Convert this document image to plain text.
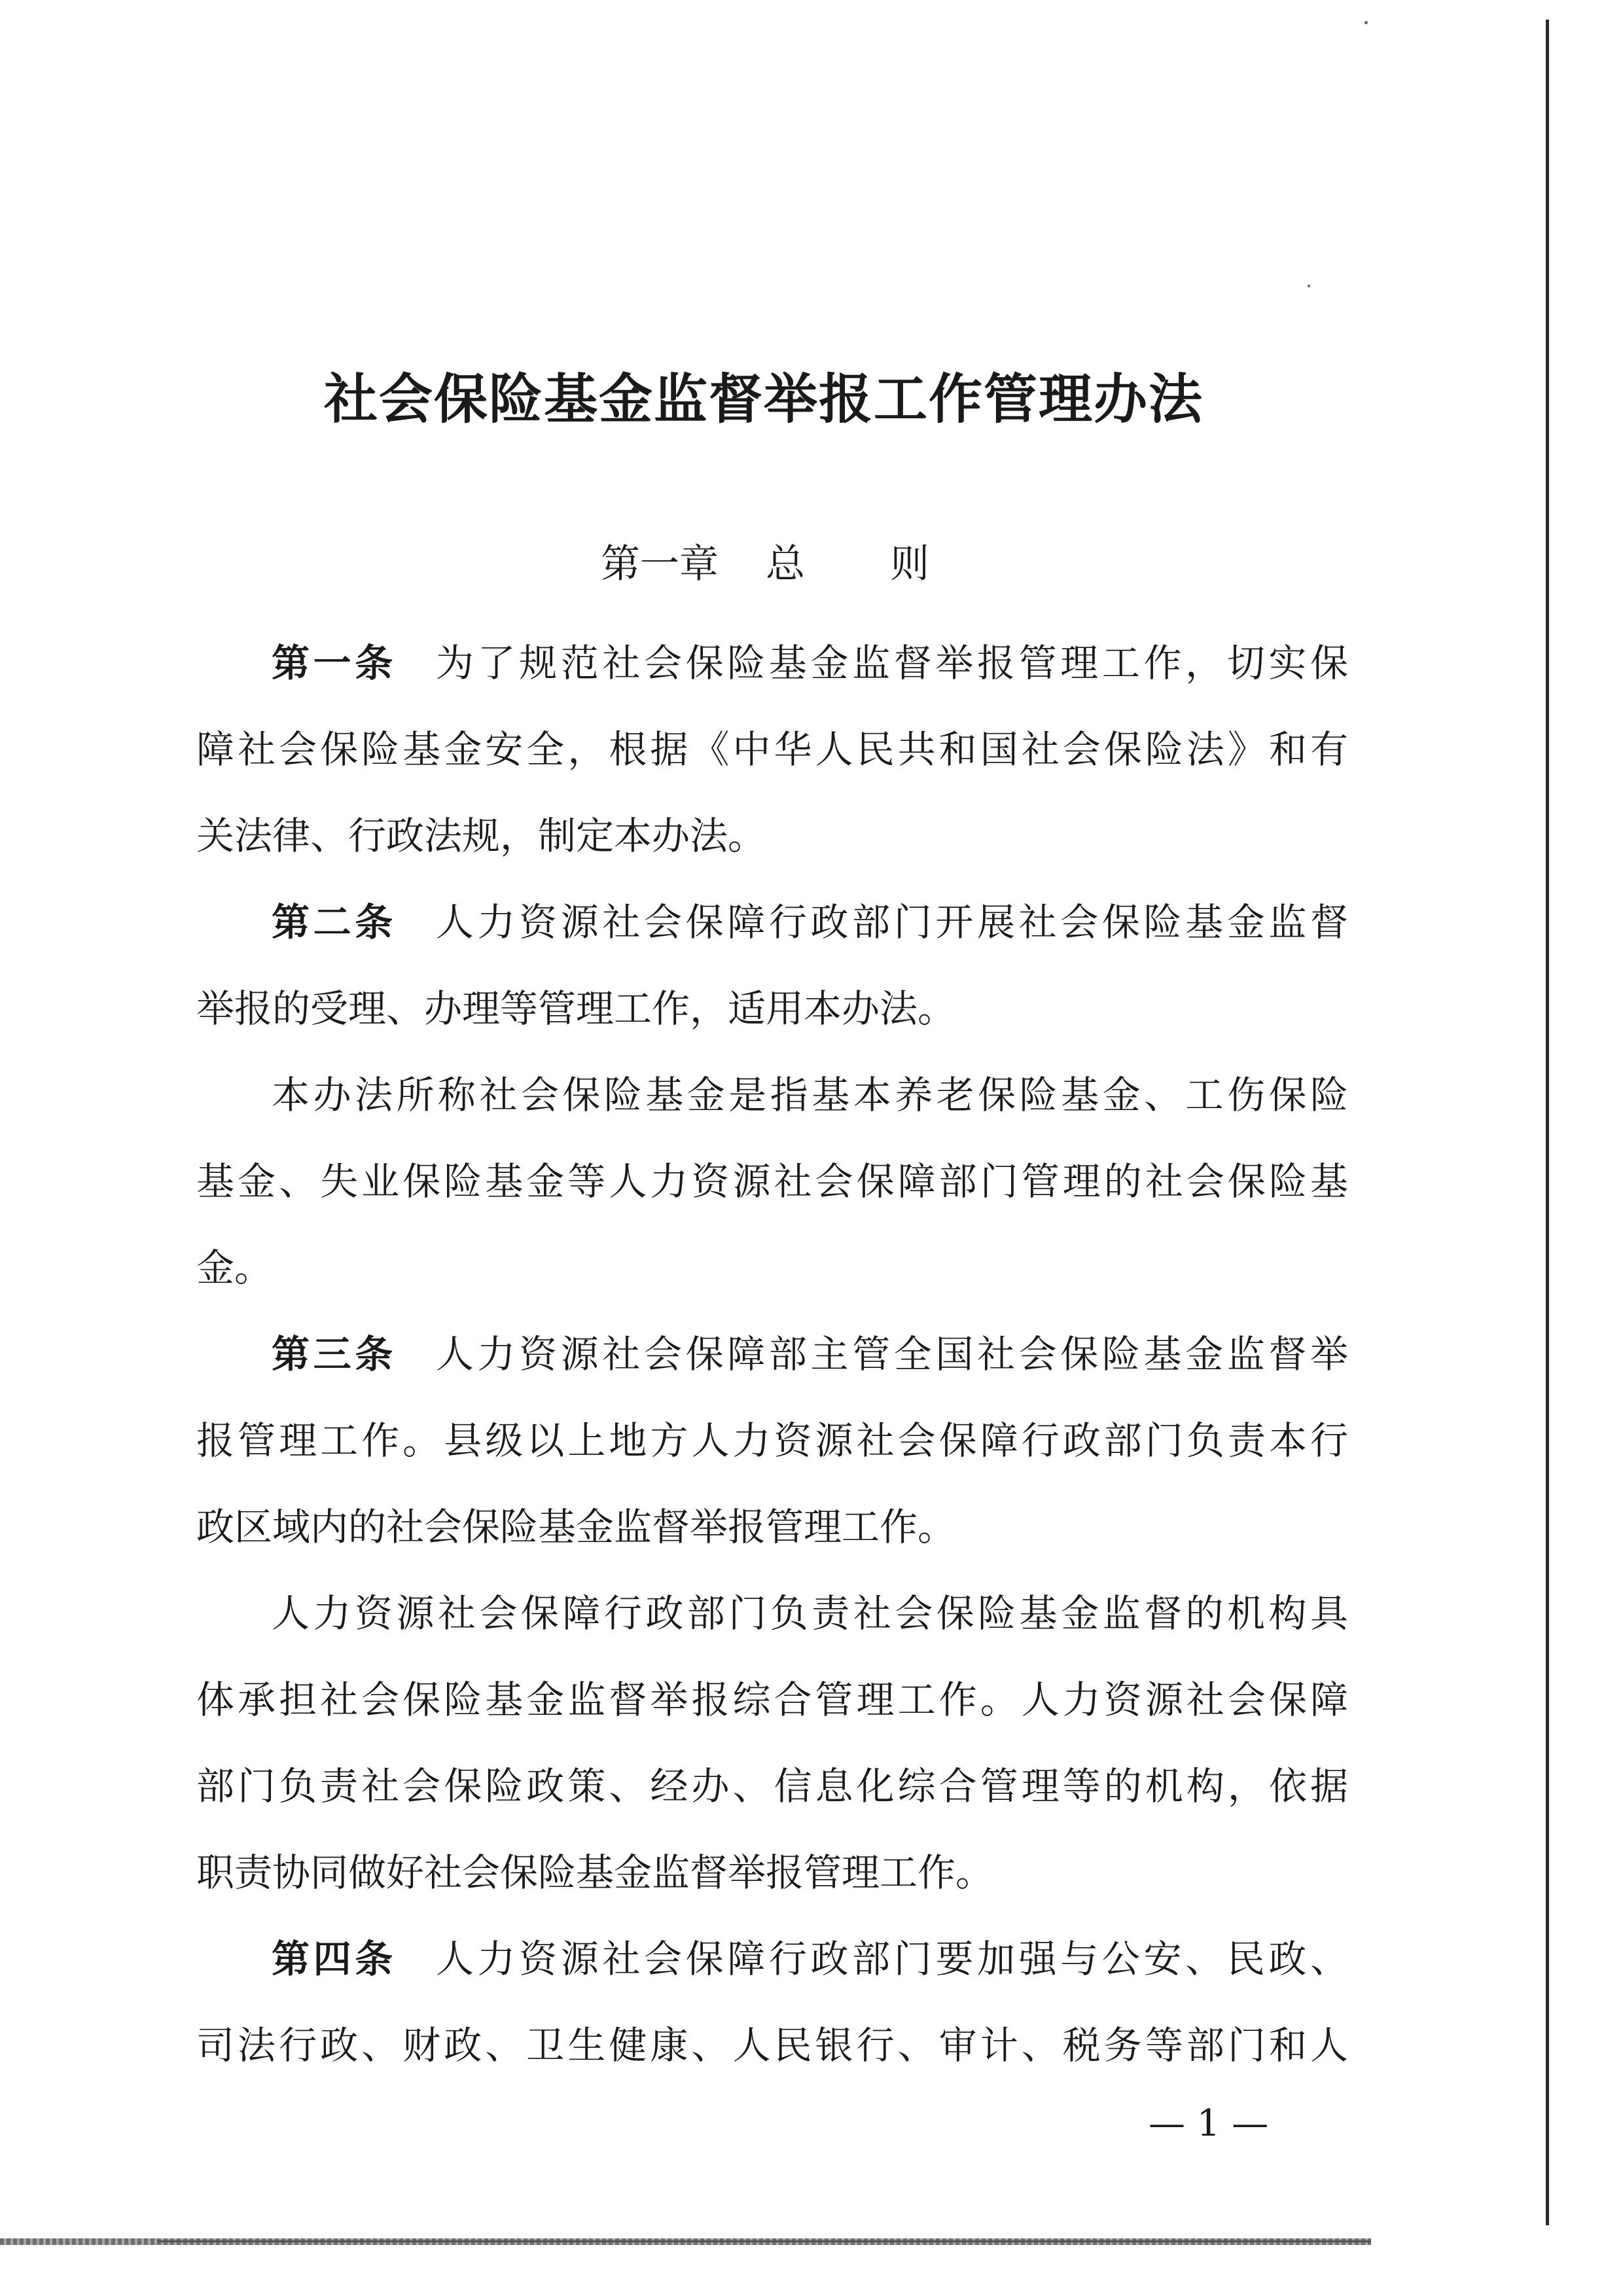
社会保险基金监督举报工作管理办法
第一章 总 则
第一条 为了规范社会保险基金监督举报管理工作，切实保
障社会保险基金安全，根据《中华人民共和国社会保险法》和有
关法律、行政法规，制定本办法。
第二条 人力资源社会保障行政部门开展社会保险基金监督
举报的受理、办理等管理工作，适用本办法。
本办法所称社会保险基金是指基本养老保险基金、工伤保险
基金、失业保险基金等人力资源社会保障部门管理的社会保险基
金。
第三条 人力资源社会保障部主管全国社会保险基金监督举
报管理工作。县级以上地方人力资源社会保障行政部门负责本行
政区域内的社会保险基金监督举报管理工作。
人力资源社会保障行政部门负责社会保险基金监督的机构具
体承担社会保险基金监督举报综合管理工作。人力资源社会保障
部门负责社会保险政策、经办、信息化综合管理等的机构，依据
职责协同做好社会保险基金监督举报管理工作。
第四条 人力资源社会保障行政部门要加强与公安、民政、
司法行政、财政、卫生健康、人民银行、审计、税务等部门和人
— 1 —
